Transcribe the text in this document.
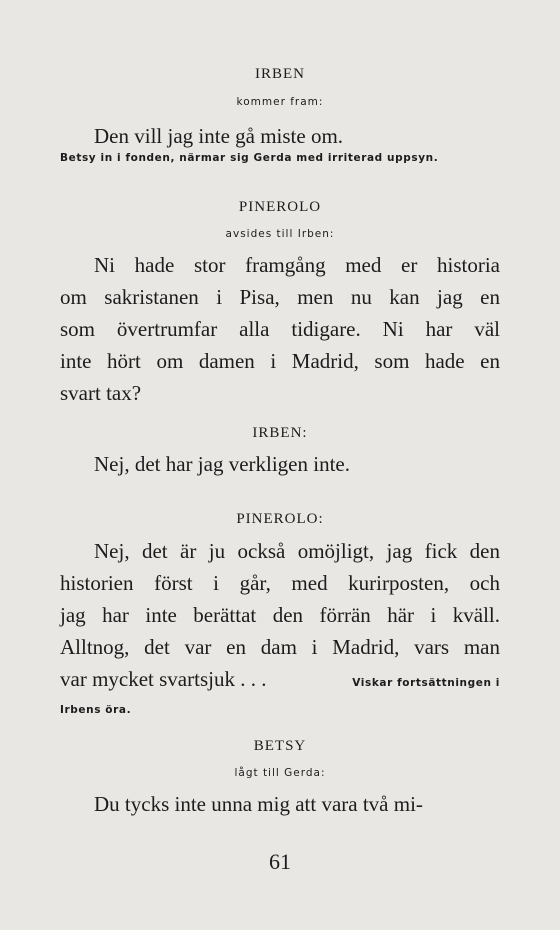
IRBEN
kommer fram:
Den vill jag inte gå miste om.
Betsy in i fonden, närmar sig Gerda med irriterad uppsyn.
PINEROLO
avsides till Irben:
Ni hade stor framgång med er historia
om sakristanen i Pisa, men nu kan jag en
som övertrumfar alla tidigare. Ni har väl
inte hört om damen i Madrid, som hade en
svart tax?
IRBEN:
Nej, det har jag verkligen inte.
PINEROLO:
Nej, det är ju också omöjligt, jag fick den
historien först i går, med kurirposten, och
jag har inte berättat den förrän här i kväll.
Alltnog, det var en dam i Madrid, vars man
var mycket svartsjuk . . .	Viskar fortsättningen i
Irbens öra.
BETSY
lågt till Gerda:
Du tycks inte unna mig att vara två mi-
61
